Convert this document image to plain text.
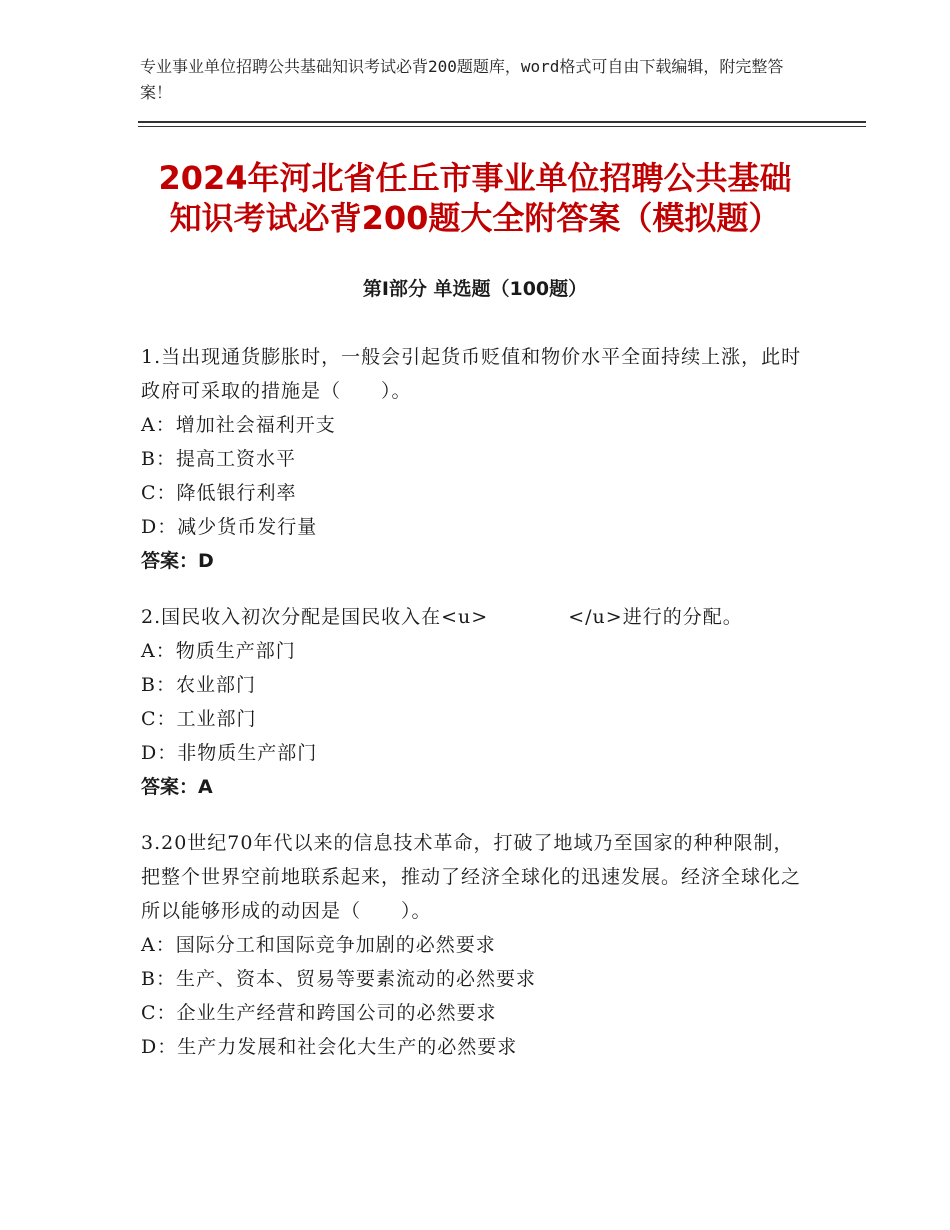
专业事业单位招聘公共基础知识考试必背200题题库，word格式可自由下载编辑，附完整答案！
2024年河北省任丘市事业单位招聘公共基础
知识考试必背200题大全附答案（模拟题）
第Ⅰ部分 单选题（100题）

1.当出现通货膨胀时，一般会引起货币贬值和物价水平全面持续上涨，此时政府可采取的措施是（　　）。

A：增加社会福利开支

B：提高工资水平

C：降低银行利率

D：减少货币发行量

答案：D

2.国民收入初次分配是国民收入在<u>	</u>进行的分配。

A：物质生产部门

B：农业部门

C：工业部门

D：非物质生产部门

答案：A

3.20世纪70年代以来的信息技术革命，打破了地域乃至国家的种种限制，把整个世界空前地联系起来，推动了经济全球化的迅速发展。经济全球化之所以能够形成的动因是（　　）。

A：国际分工和国际竞争加剧的必然要求

B：生产、资本、贸易等要素流动的必然要求

C：企业生产经营和跨国公司的必然要求

D：生产力发展和社会化大生产的必然要求
